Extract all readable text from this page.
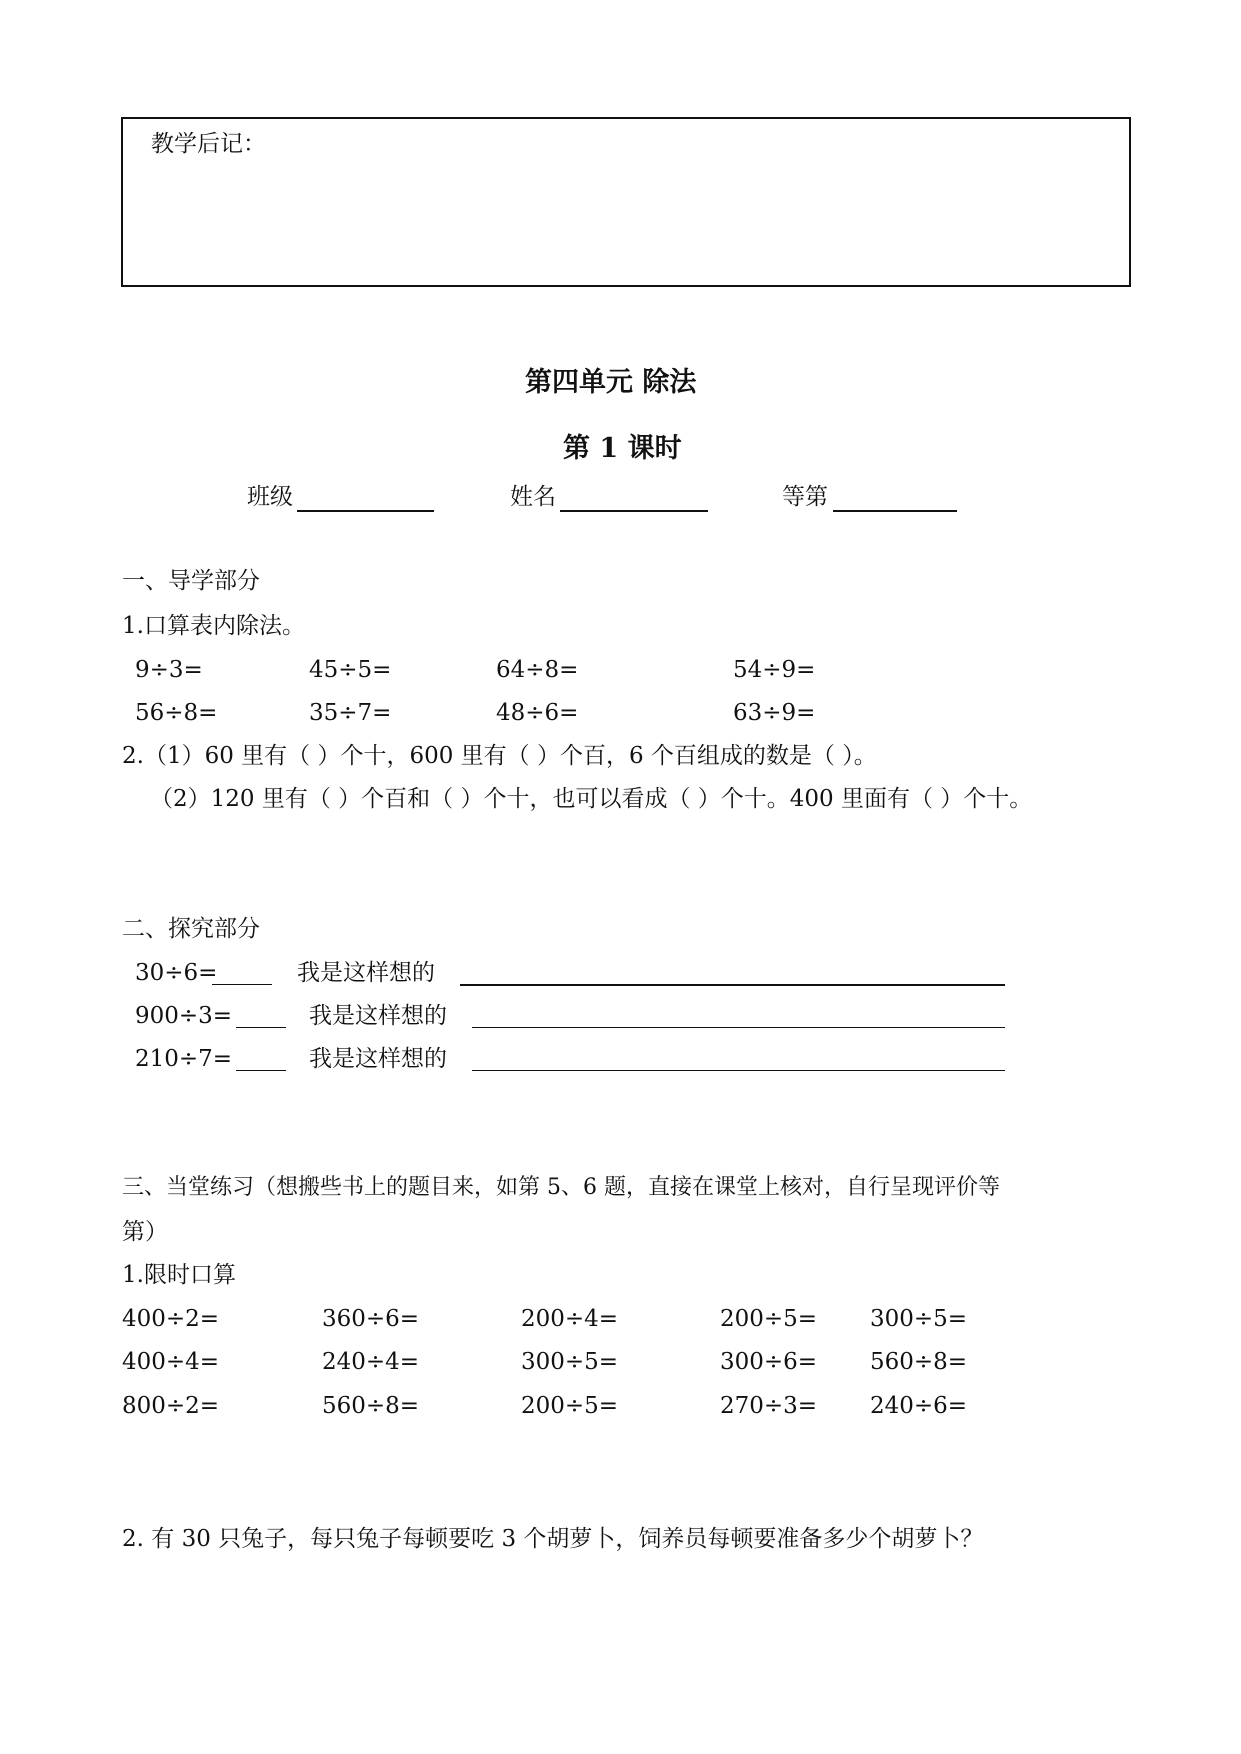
教学后记：
第四单元 除法
第 1 课时
班级	姓名	等第
一、导学部分
1.口算表内除法。
9÷3=	45÷5=	64÷8=	54÷9=
56÷8=	35÷7=	48÷6=	63÷9=
2.（1）60 里有（ ）个十，600 里有（ ）个百，6 个百组成的数是（ ）。
（2）120 里有（ ）个百和（ ）个十，也可以看成（ ）个十。400 里面有（ ）个十。
二、探究部分
30÷6=	我是这样想的
900÷3=	我是这样想的
210÷7=	我是这样想的
三、当堂练习（想搬些书上的题目来，如第 5、6 题，直接在课堂上核对，自行呈现评价等
第）
1.限时口算
400÷2=	360÷6=	200÷4=	200÷5= 300÷5=
400÷4=	240÷4=	300÷5=	300÷6= 560÷8=
800÷2=	560÷8=	200÷5=	270÷3= 240÷6=
2. 有 30 只兔子，每只兔子每顿要吃 3 个胡萝卜，饲养员每顿要准备多少个胡萝卜？
